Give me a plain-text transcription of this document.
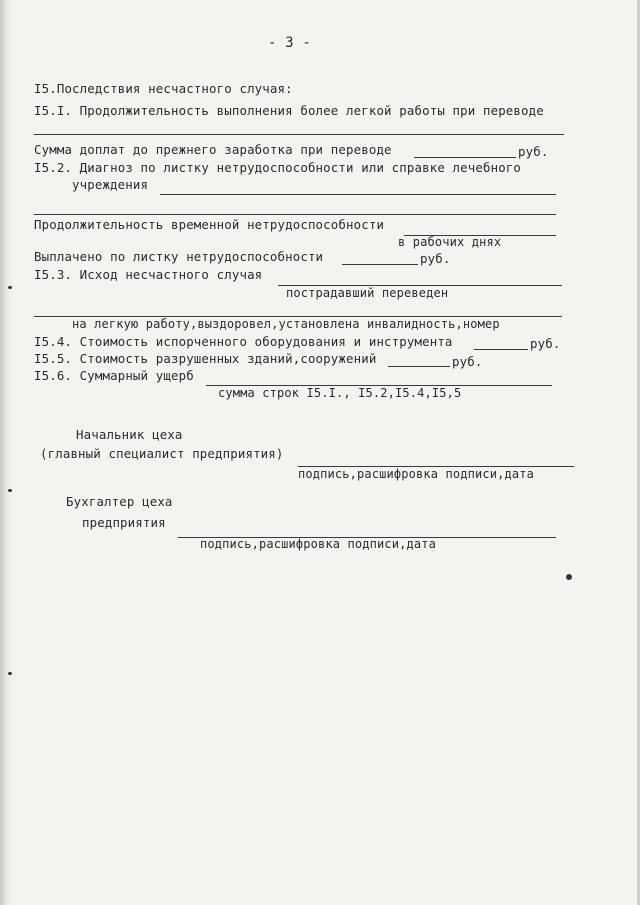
- 3 -
I5.Последствия несчастного случая:
I5.I. Продолжительность выполнения более легкой работы при переводе
Сумма доплат до прежнего заработка при переводе	руб.
I5.2. Диагноз по листку нетрудоспособности или справке лечебного
учреждения
Продолжительность временной нетрудоспособности
в рабочих днях
Выплачено по листку нетрудоспособности	руб.
I5.3. Исход несчастного случая
пострадавший переведен
на легкую работу,выздоровел,установлена инвалидность,номер
I5.4. Стоимость испорченного оборудования и инструмента	руб.
I5.5. Стоимость разрушенных зданий,сооружений	руб.
I5.6. Суммарный ущерб
сумма строк I5.I., I5.2,I5.4,I5,5
Начальник цеха
(главный специалист предприятия)
подпись,расшифровка подписи,дата
Бухгалтер цеха
предприятия
подпись,расшифровка подписи,дата
